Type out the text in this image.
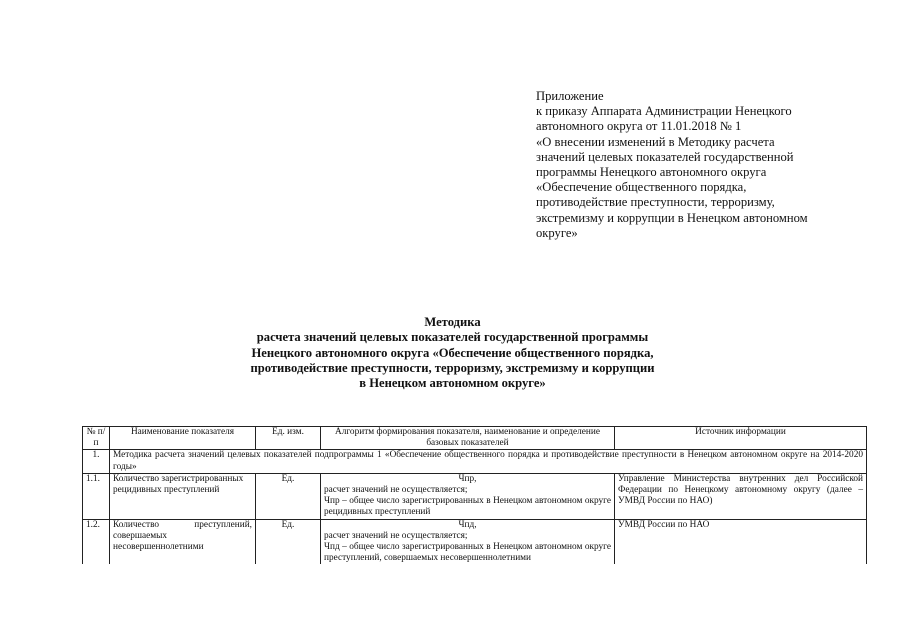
Приложение
к приказу Аппарата Администрации Ненецкого
автономного округа от 11.01.2018 № 1
«О внесении изменений в Методику расчета
значений целевых показателей государственной
программы Ненецкого автономного округа
«Обеспечение общественного порядка,
противодействие преступности, терроризму,
экстремизму и коррупции в Ненецком автономном
округе»
Методика
расчета значений целевых показателей государственной программы
Ненецкого автономного округа «Обеспечение общественного порядка,
противодействие преступности, терроризму, экстремизму и коррупции
в Ненецком автономном округе»
№ п/п	Наименование показателя	Ед. изм.	Алгоритм формирования показателя, наименование и определение базовых показателей	Источник информации
1.	Методика расчета значений целевых показателей подпрограммы 1 «Обеспечение общественного порядка и противодействие преступности в Ненецком автономном округе на 2014-2020 годы»			
1.1.	Количество зарегистрированных рецидивных преступлений	Ед.	Чпр,
расчет значений не осуществляется;
Чпр – общее число зарегистрированных в Ненецком автономном округе рецидивных преступлений	Управление Министерства внутренних дел Российской Федерации по Ненецкому автономному округу (далее – УМВД России по НАО)
1.2.	Количество преступлений, совершаемых несовершеннолетними	Ед.	Чпд,
расчет значений не осуществляется;
Чпд – общее число зарегистрированных в Ненецком автономном округе преступлений, совершаемых несовершеннолетними	УМВД России по НАО
